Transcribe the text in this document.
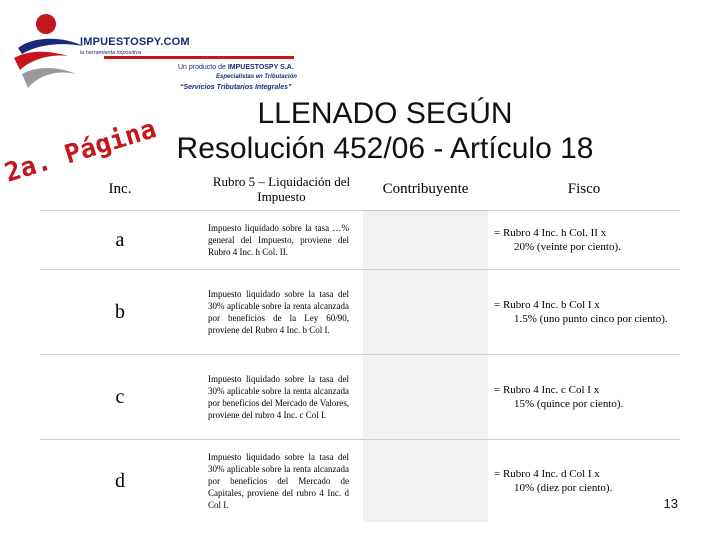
IMPUESTOSPY.COM
la herramienta impositiva
Un producto de IMPUESTOSPY S.A.
Especialistas en Tributación
“Servicios Tributarios Integrales”
2a. Página
LLENADO SEGÚN
Resolución 452/06 - Artículo 18
Inc.	Rubro 5 – Liquidación del Impuesto	Contribuyente	Fisco
a	Impuesto liquidado sobre la tasa …% general del Impuesto, proviene del Rubro 4 Inc. h Col. II.		= Rubro 4 Inc. h Col. II x
20% (veinte por ciento).

b	Impuesto liquidado sobre la tasa del 30% aplicable sobre la renta alcanzada por beneficios de la Ley 60/90, proviene del Rubro 4 Inc. b Col I.		= Rubro 4 Inc. b Col I x
1.5% (uno punto cinco por ciento).

c	Impuesto liquidado sobre la tasa del 30% aplicable sobre la renta alcanzada por beneficios del Mercado de Valores, proviene del rubro 4 Inc. c Col I.		= Rubro 4 Inc. c Col I x
15% (quince por ciento).

d	Impuesto liquidado sobre la tasa del 30% aplicable sobre la renta alcanzada por beneficios del Mercado de Capitales, proviene del rubro 4 Inc. d Col I.		= Rubro 4 Inc. d Col I x
10% (diez por ciento).
13
